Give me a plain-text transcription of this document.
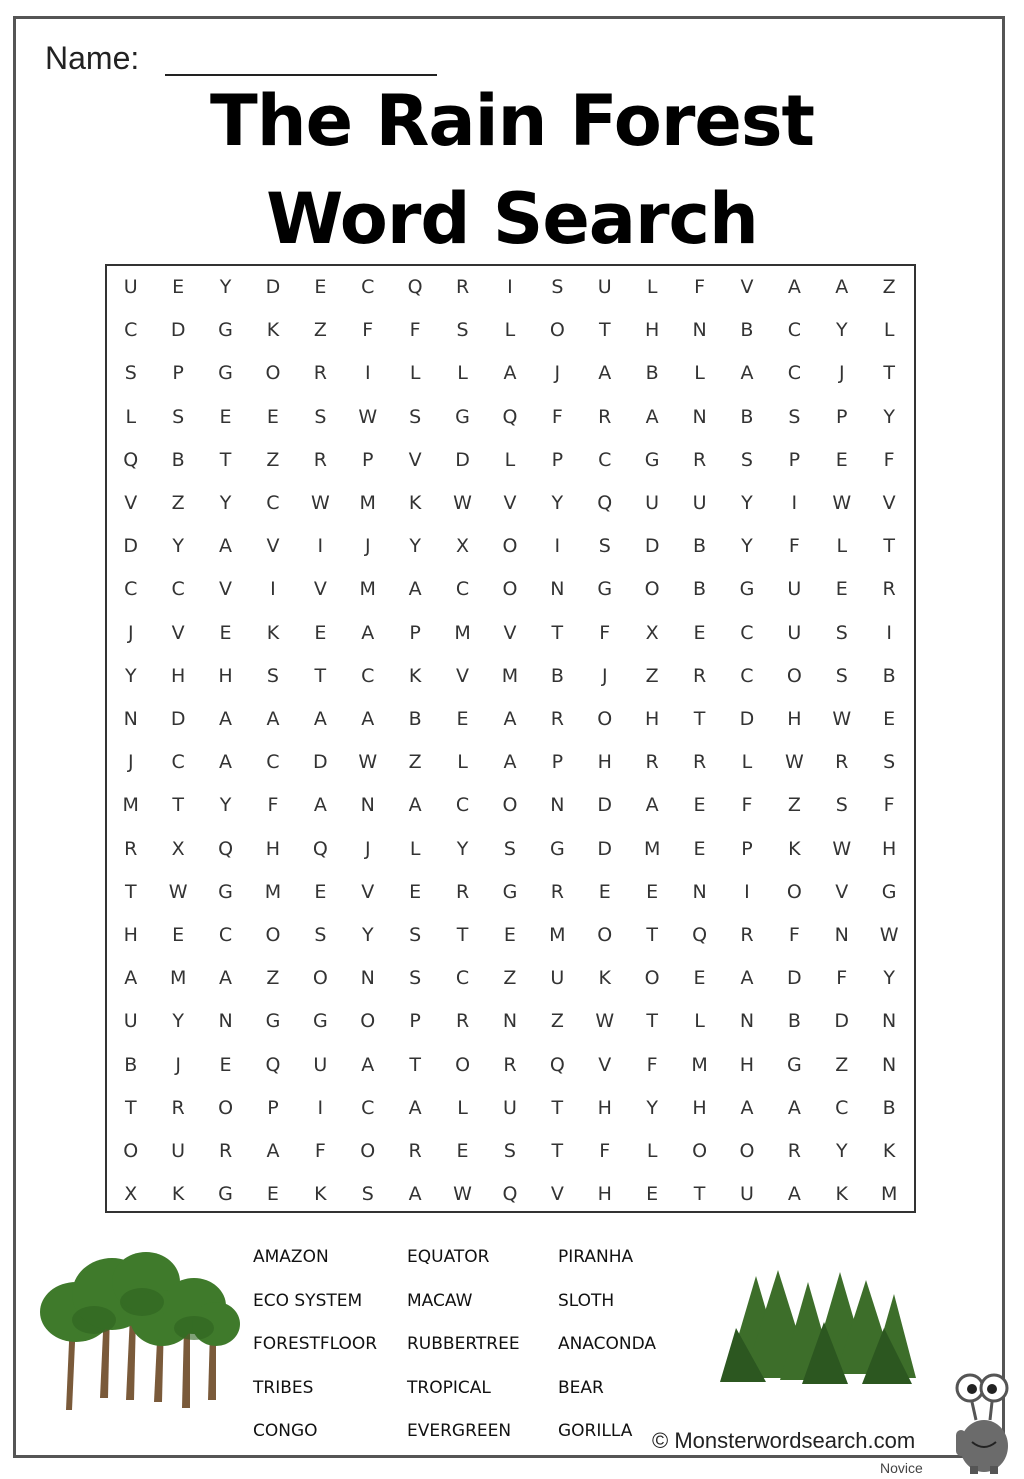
Name:
The Rain Forest
Word Search
U	E	Y	D	E	C	Q	R	I	S	U	L	F	V	A	A	Z
C	D	G	K	Z	F	F	S	L	O	T	H	N	B	C	Y	L
S	P	G	O	R	I	L	L	A	J	A	B	L	A	C	J	T
L	S	E	E	S	W	S	G	Q	F	R	A	N	B	S	P	Y
Q	B	T	Z	R	P	V	D	L	P	C	G	R	S	P	E	F
V	Z	Y	C	W	M	K	W	V	Y	Q	U	U	Y	I	W	V
D	Y	A	V	I	J	Y	X	O	I	S	D	B	Y	F	L	T
C	C	V	I	V	M	A	C	O	N	G	O	B	G	U	E	R
J	V	E	K	E	A	P	M	V	T	F	X	E	C	U	S	I
Y	H	H	S	T	C	K	V	M	B	J	Z	R	C	O	S	B
N	D	A	A	A	A	B	E	A	R	O	H	T	D	H	W	E
J	C	A	C	D	W	Z	L	A	P	H	R	R	L	W	R	S
M	T	Y	F	A	N	A	C	O	N	D	A	E	F	Z	S	F
R	X	Q	H	Q	J	L	Y	S	G	D	M	E	P	K	W	H
T	W	G	M	E	V	E	R	G	R	E	E	N	I	O	V	G
H	E	C	O	S	Y	S	T	E	M	O	T	Q	R	F	N	W
A	M	A	Z	O	N	S	C	Z	U	K	O	E	A	D	F	Y
U	Y	N	G	G	O	P	R	N	Z	W	T	L	N	B	D	N
B	J	E	Q	U	A	T	O	R	Q	V	F	M	H	G	Z	N
T	R	O	P	I	C	A	L	U	T	H	Y	H	A	A	C	B
O	U	R	A	F	O	R	E	S	T	F	L	O	O	R	Y	K
X	K	G	E	K	S	A	W	Q	V	H	E	T	U	A	K	M
AMAZON
ECO SYSTEM
FORESTFLOOR
TRIBES
CONGO
EQUATOR
MACAW
RUBBERTREE
TROPICAL
EVERGREEN
PIRANHA
SLOTH
ANACONDA
BEAR
GORILLA © Monsterwordsearch.com
Novice
